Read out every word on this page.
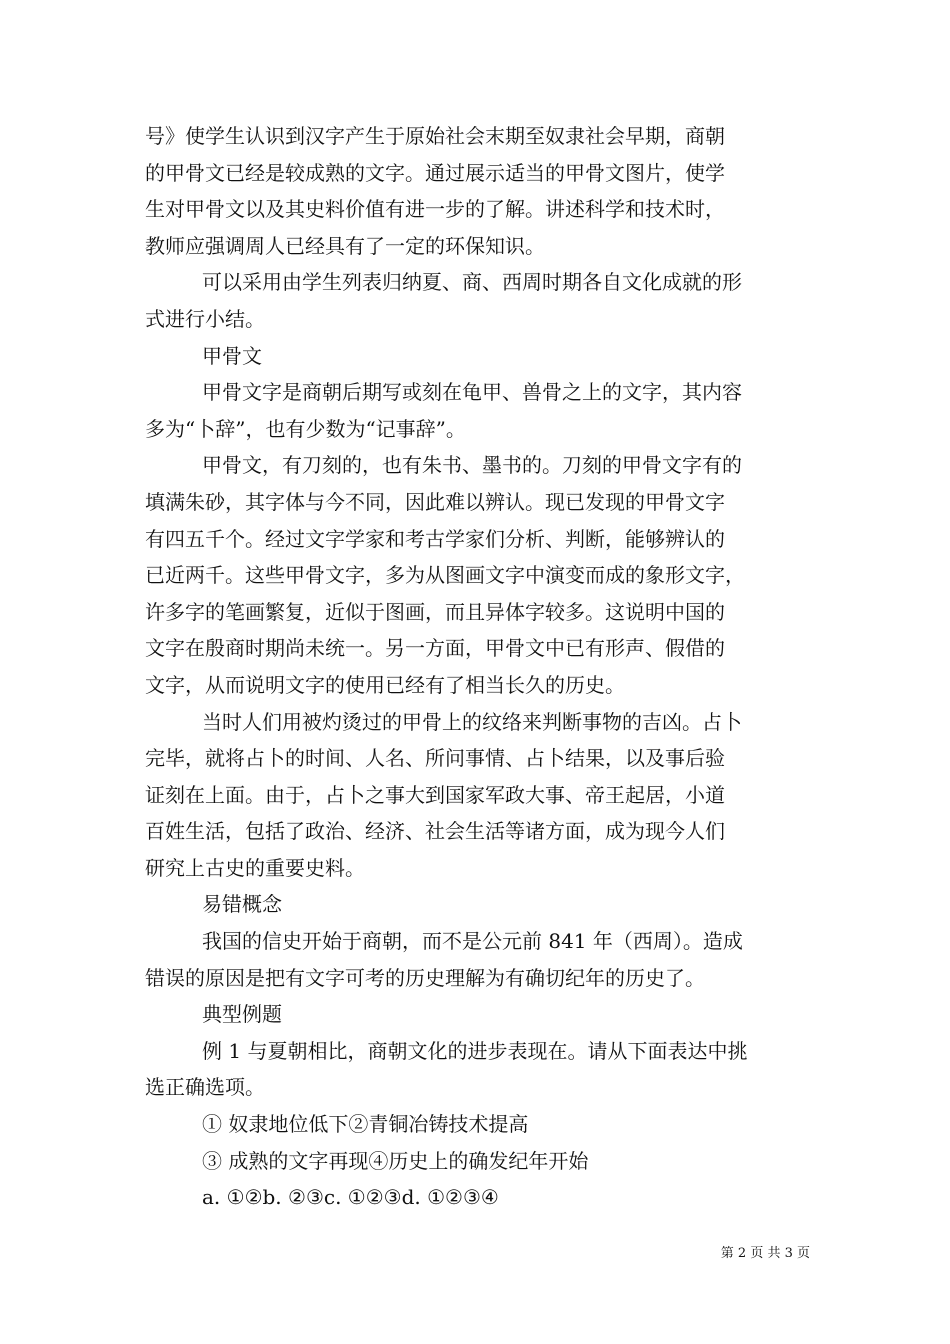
号》使学生认识到汉字产生于原始社会末期至奴隶社会早期，商朝
的甲骨文已经是较成熟的文字。通过展示适当的甲骨文图片，使学
生对甲骨文以及其史料价值有进一步的了解。讲述科学和技术时，
教师应强调周人已经具有了一定的环保知识。
可以采用由学生列表归纳夏、商、西周时期各自文化成就的形
式进行小结。
甲骨文
甲骨文字是商朝后期写或刻在龟甲、兽骨之上的文字，其内容
多为“卜辞”，也有少数为“记事辞”。
甲骨文，有刀刻的，也有朱书、墨书的。刀刻的甲骨文字有的
填满朱砂，其字体与今不同，因此难以辨认。现已发现的甲骨文字
有四五千个。经过文字学家和考古学家们分析、判断，能够辨认的
已近两千。这些甲骨文字，多为从图画文字中演变而成的象形文字，
许多字的笔画繁复，近似于图画，而且异体字较多。这说明中国的
文字在殷商时期尚未统一。另一方面，甲骨文中已有形声、假借的
文字，从而说明文字的使用已经有了相当长久的历史。
当时人们用被灼烫过的甲骨上的纹络来判断事物的吉凶。占卜
完毕，就将占卜的时间、人名、所问事情、占卜结果，以及事后验
证刻在上面。由于，占卜之事大到国家军政大事、帝王起居，小道
百姓生活，包括了政治、经济、社会生活等诸方面，成为现今人们
研究上古史的重要史料。
易错概念
我国的信史开始于商朝，而不是公元前 841 年（西周）。造成
错误的原因是把有文字可考的历史理解为有确切纪年的历史了。
典型例题
例 1 与夏朝相比，商朝文化的进步表现在。请从下面表达中挑
选正确选项。
① 奴隶地位低下②青铜冶铸技术提高
③ 成熟的文字再现④历史上的确发纪年开始
a. ①②b. ②③c. ①②③d. ①②③④
第 2 页 共 3 页
